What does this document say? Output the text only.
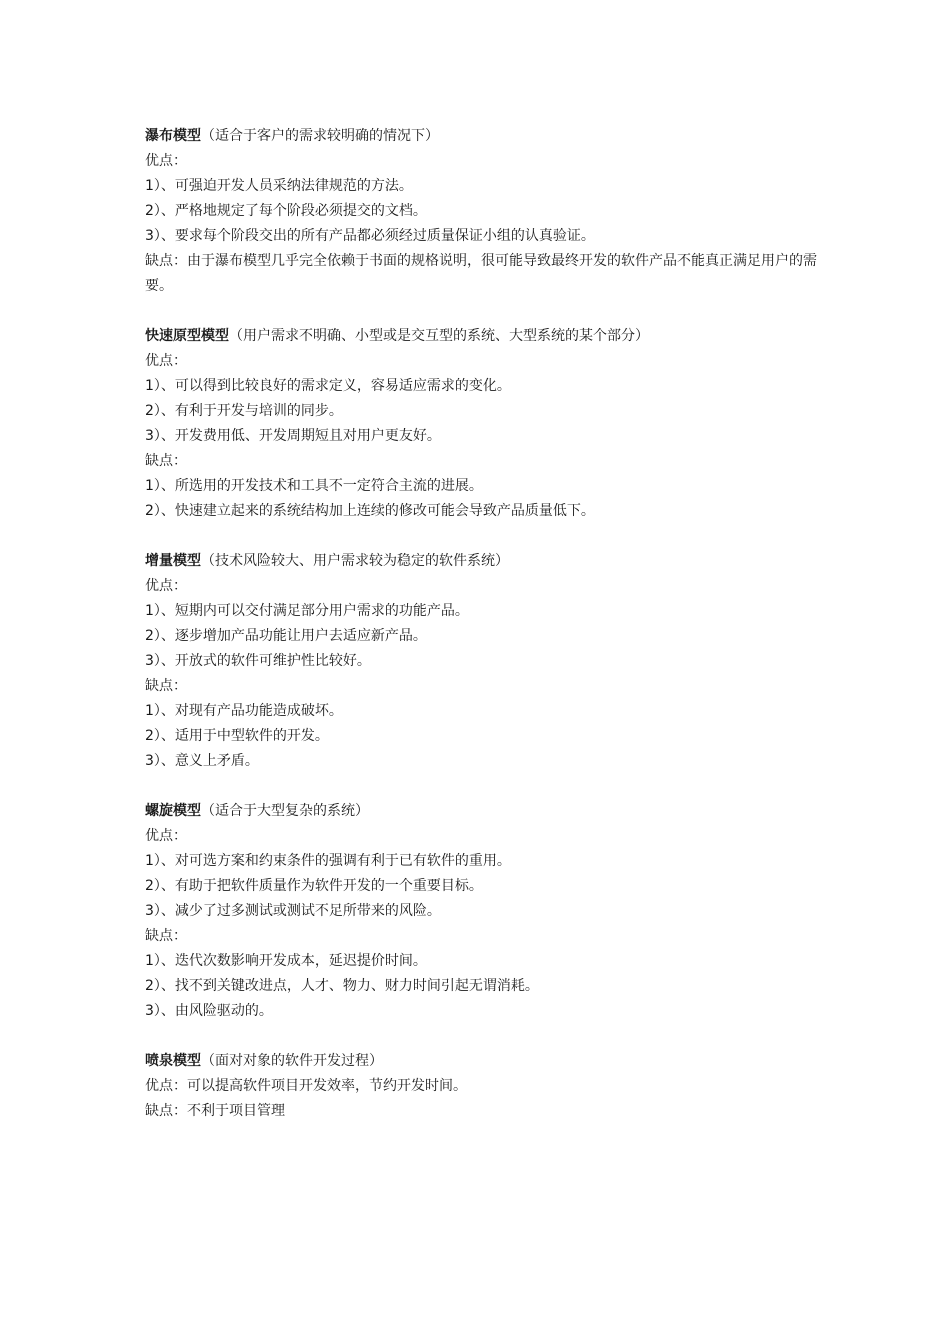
瀑布模型（适合于客户的需求较明确的情况下）
优点：
1）、可强迫开发人员采纳法律规范的方法。
2）、严格地规定了每个阶段必须提交的文档。
3）、要求每个阶段交出的所有产品都必须经过质量保证小组的认真验证。
缺点：由于瀑布模型几乎完全依赖于书面的规格说明，很可能导致最终开发的软件产品不能真正满足用户的需要。
快速原型模型（用户需求不明确、小型或是交互型的系统、大型系统的某个部分）
优点：
1）、可以得到比较良好的需求定义，容易适应需求的变化。
2）、有利于开发与培训的同步。
3）、开发费用低、开发周期短且对用户更友好。
缺点：
1）、所选用的开发技术和工具不一定符合主流的进展。
2）、快速建立起来的系统结构加上连续的修改可能会导致产品质量低下。
增量模型（技术风险较大、用户需求较为稳定的软件系统）
优点：
1）、短期内可以交付满足部分用户需求的功能产品。
2）、逐步增加产品功能让用户去适应新产品。
3）、开放式的软件可维护性比较好。
缺点：
1）、对现有产品功能造成破坏。
2）、适用于中型软件的开发。
3）、意义上矛盾。
螺旋模型（适合于大型复杂的系统）
优点：
1）、对可选方案和约束条件的强调有利于已有软件的重用。
2）、有助于把软件质量作为软件开发的一个重要目标。
3）、减少了过多测试或测试不足所带来的风险。
缺点：
1）、迭代次数影响开发成本，延迟提价时间。
2）、找不到关键改进点，人才、物力、财力时间引起无谓消耗。
3）、由风险驱动的。
喷泉模型（面对对象的软件开发过程）
优点：可以提高软件项目开发效率，节约开发时间。
缺点：不利于项目管理
